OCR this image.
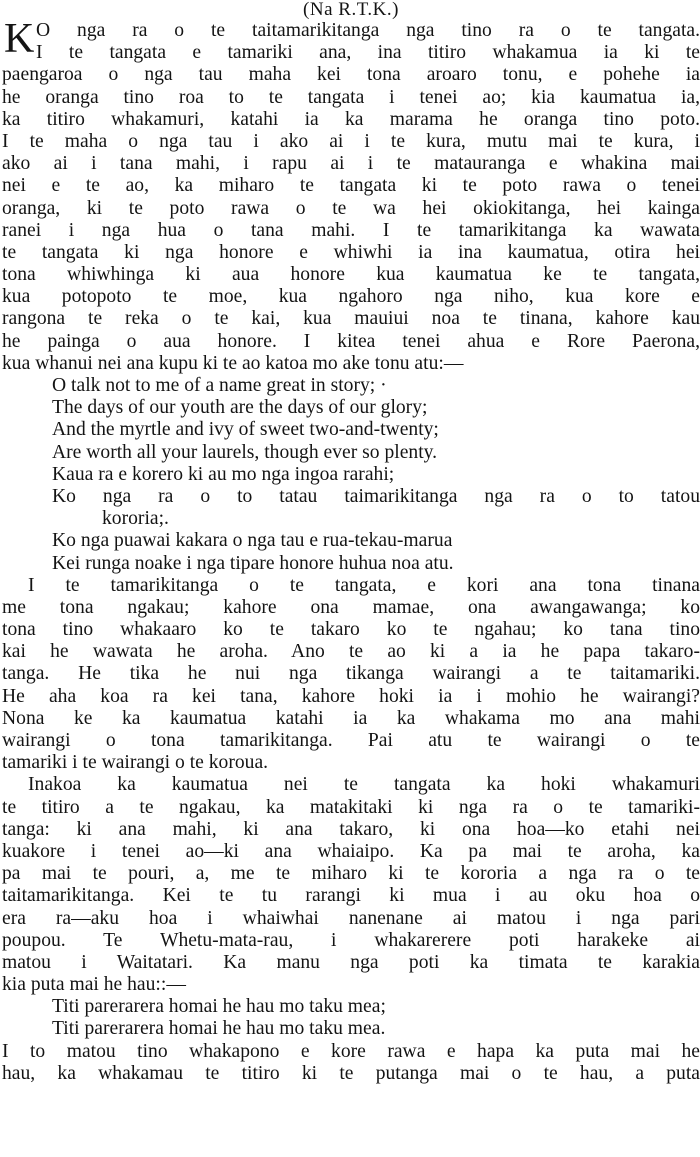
(Na R.T.K.)
K O nga ra o te taitamarikitanga nga tino ra o te tangata.
I te tangata e tamariki ana, ina titiro whakamua ia ki te
paengaroa o nga tau maha kei tona aroaro tonu, e pohehe ia
he oranga tino roa to te tangata i tenei ao; kia kaumatua ia,
ka titiro whakamuri, katahi ia ka marama he oranga tino poto.
I te maha o nga tau i ako ai i te kura, mutu mai te kura, i
ako ai i tana mahi, i rapu ai i te matauranga e whakina mai
nei e te ao, ka miharo te tangata ki te poto rawa o tenei
oranga, ki te poto rawa o te wa hei okiokitanga, hei kainga
ranei i nga hua o tana mahi. I te tamarikitanga ka wawata
te tangata ki nga honore e whiwhi ia ina kaumatua, otira hei
tona whiwhinga ki aua honore kua kaumatua ke te tangata,
kua potopoto te moe, kua ngahoro nga niho, kua kore e
rangona te reka o te kai, kua mauiui noa te tinana, kahore kau
he painga o aua honore. I kitea tenei ahua e Rore Paerona,
kua whanui nei ana kupu ki te ao katoa mo ake tonu atu:—
O talk not to me of a name great in story; ·
The days of our youth are the days of our glory;
And the myrtle and ivy of sweet two-and-twenty;
Are worth all your laurels, though ever so plenty.
Kaua ra e korero ki au mo nga ingoa rarahi;
Ko nga ra o to tatau taimarikitanga nga ra o to tatou
kororia;.
Ko nga puawai kakara o nga tau e rua-tekau-marua
Kei runga noake i nga tipare honore huhua noa atu.
I te tamarikitanga o te tangata, e kori ana tona tinana
me tona ngakau; kahore ona mamae, ona awangawanga; ko
tona tino whakaaro ko te takaro ko te ngahau; ko tana tino
kai he wawata he aroha. Ano te ao ki a ia he papa takaro-
tanga. He tika he nui nga tikanga wairangi a te taitamariki.
He aha koa ra kei tana, kahore hoki ia i mohio he wairangi?
Nona ke ka kaumatua katahi ia ka whakama mo ana mahi
wairangi o tona tamarikitanga. Pai atu te wairangi o te
tamariki i te wairangi o te koroua.
Inakoa ka kaumatua nei te tangata ka hoki whakamuri
te titiro a te ngakau, ka matakitaki ki nga ra o te tamariki-
tanga: ki ana mahi, ki ana takaro, ki ona hoa—ko etahi nei
kuakore i tenei ao—ki ana whaiaipo. Ka pa mai te aroha, ka
pa mai te pouri, a, me te miharo ki te kororia a nga ra o te
taitamarikitanga. Kei te tu rarangi ki mua i au oku hoa o
era ra—aku hoa i whaiwhai nanenane ai matou i nga pari
poupou. Te Whetu-mata-rau, i whakarerere poti harakeke ai
matou i Waitatari. Ka manu nga poti ka timata te karakia
kia puta mai he hau::—
Titi parerarera homai he hau mo taku mea;
Titi parerarera homai he hau mo taku mea.
I to matou tino whakapono e kore rawa e hapa ka puta mai he
hau, ka whakamau te titiro ki te putanga mai o te hau, a puta
